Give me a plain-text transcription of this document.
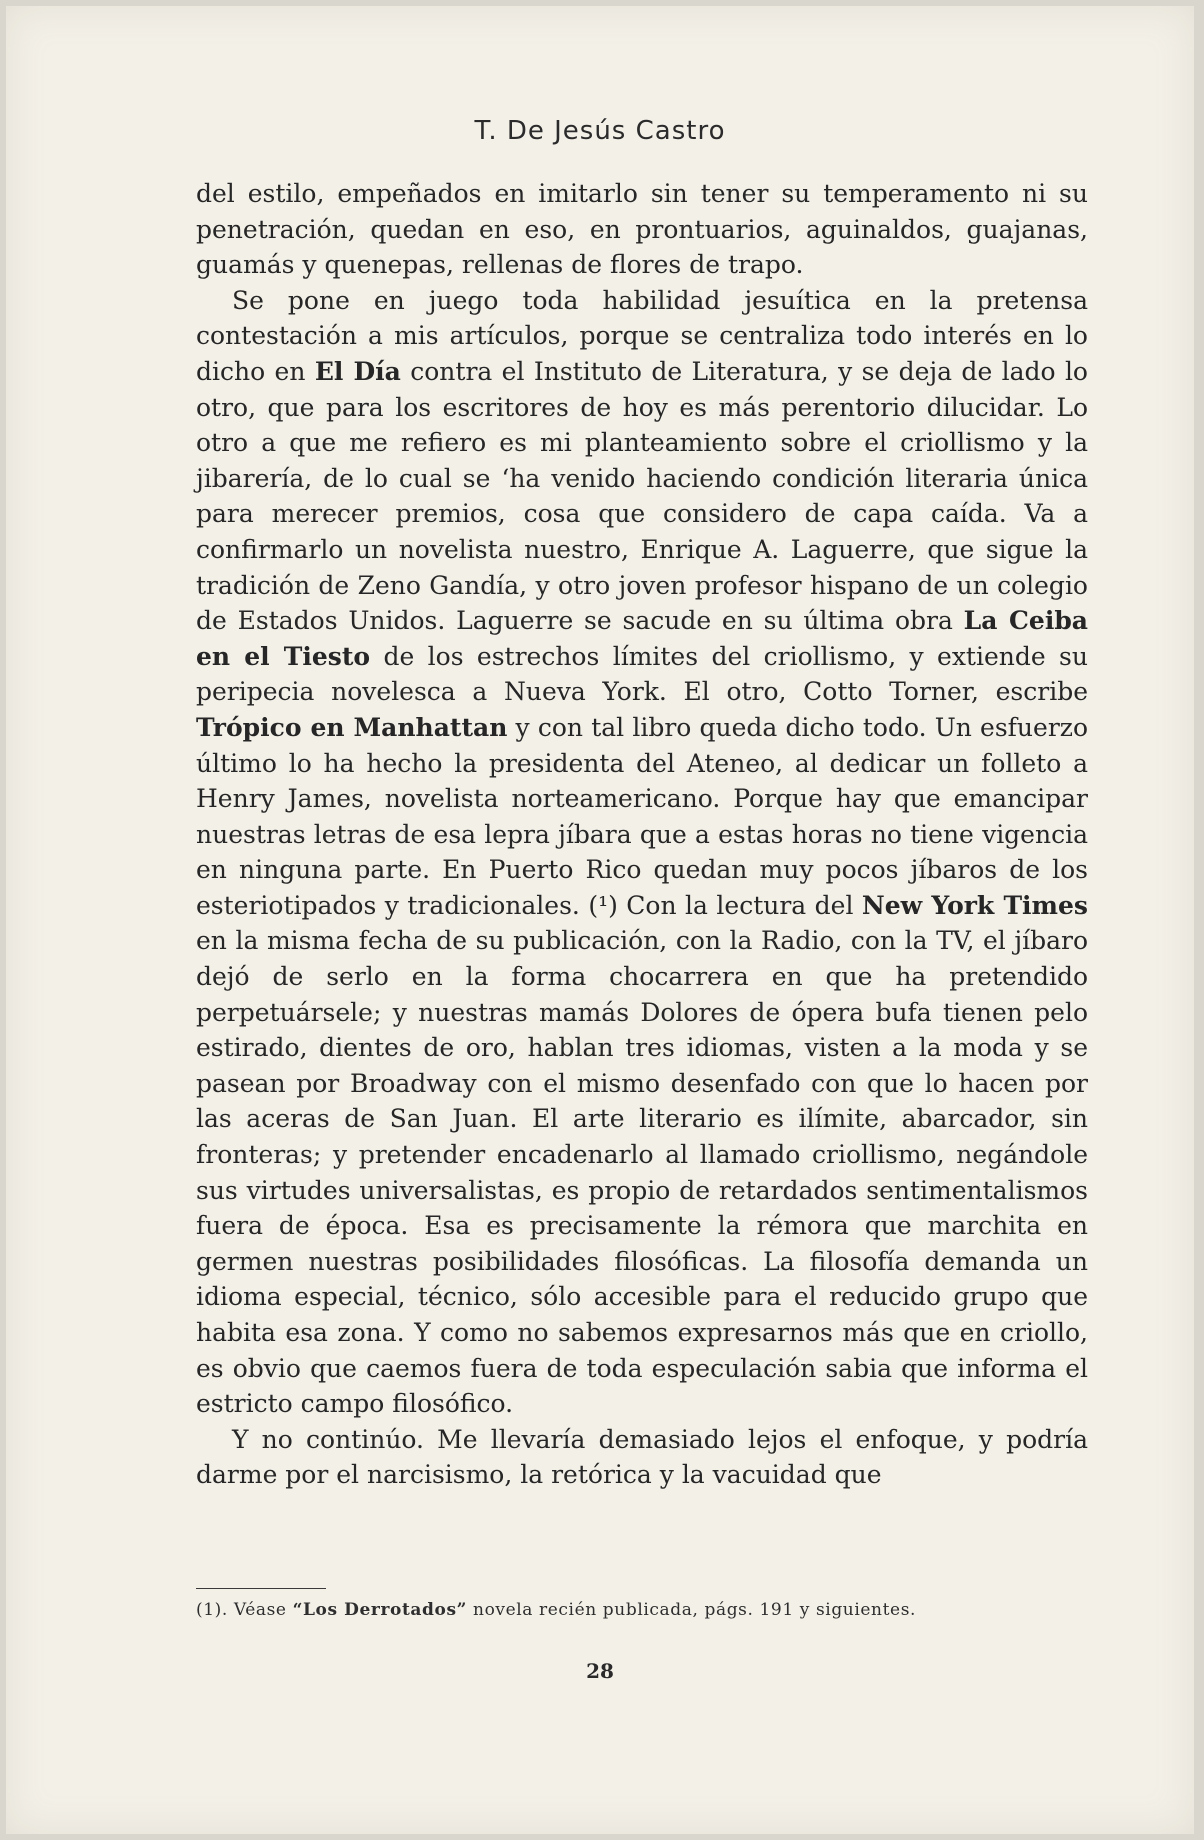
T. De Jesús Castro

del estilo, empeñados en imitarlo sin tener su temperamento ni su penetración, quedan en eso, en prontuarios, aguinaldos, guajanas, guamás y quenepas, rellenas de flores de trapo.

Se pone en juego toda habilidad jesuítica en la pretensa contestación a mis artículos, porque se centraliza todo interés en lo dicho en El Día contra el Instituto de Literatura, y se deja de lado lo otro, que para los escritores de hoy es más perentorio dilucidar. Lo otro a que me refiero es mi planteamiento sobre el criollismo y la jibarería, de lo cual se ‘ha venido haciendo condición literaria única para merecer premios, cosa que considero de capa caída. Va a confirmarlo un novelista nuestro, Enrique A. Laguerre, que sigue la tradición de Zeno Gandía, y otro joven profesor hispano de un colegio de Estados Unidos. Laguerre se sacude en su última obra La Ceiba en el Tiesto de los estrechos límites del criollismo, y extiende su peripecia novelesca a Nueva York. El otro, Cotto Torner, escribe Trópico en Manhattan y con tal libro queda dicho todo. Un esfuerzo último lo ha hecho la presidenta del Ateneo, al dedicar un folleto a Henry James, novelista norteamericano. Porque hay que emancipar nuestras letras de esa lepra jíbara que a estas horas no tiene vigencia en ninguna parte. En Puerto Rico quedan muy pocos jíbaros de los esteriotipados y tradicionales. (¹) Con la lectura del New York Times en la misma fecha de su publicación, con la Radio, con la TV, el jíbaro dejó de serlo en la forma chocarrera en que ha pretendido perpetuársele; y nuestras mamás Dolores de ópera bufa tienen pelo estirado, dientes de oro, hablan tres idiomas, visten a la moda y se pasean por Broadway con el mismo desenfado con que lo hacen por las aceras de San Juan. El arte literario es ilímite, abarcador, sin fronteras; y pretender encadenarlo al llamado criollismo, negándole sus virtudes universalistas, es propio de retardados sentimentalismos fuera de época. Esa es precisamente la rémora que marchita en germen nuestras posibilidades filosóficas. La filosofía demanda un idioma especial, técnico, sólo accesible para el reducido grupo que habita esa zona. Y como no sabemos expresarnos más que en criollo, es obvio que caemos fuera de toda especulación sabia que informa el estricto campo filosófico.

Y no continúo. Me llevaría demasiado lejos el enfoque, y podría darme por el narcisismo, la retórica y la vacuidad que

(1). Véase “Los Derrotados” novela recién publicada, págs. 191 y siguientes.
28
